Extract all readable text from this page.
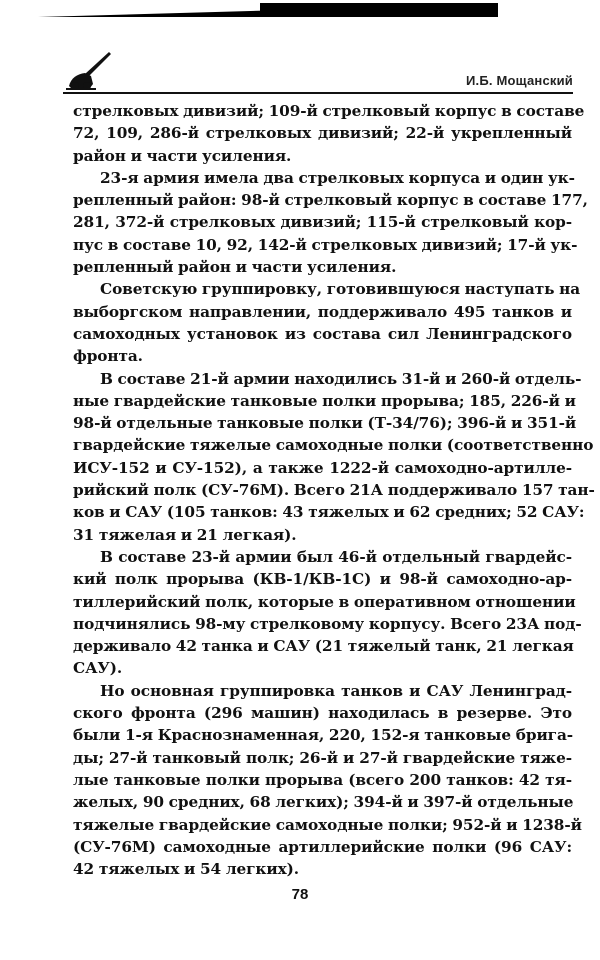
И.Б. Мощанский
стрелковых дивизий; 109-й стрелковый корпус в составе
72, 109, 286-й стрелковых дивизий; 22-й укрепленный
район и части усиления.
23-я армия имела два стрелковых корпуса и один ук-
репленный район: 98-й стрелковый корпус в составе 177,
281, 372-й стрелковых дивизий; 115-й стрелковый кор-
пус в составе 10, 92, 142-й стрелковых дивизий; 17-й ук-
репленный район и части усиления.
Советскую группировку, готовившуюся наступать на
выборгском направлении, поддерживало 495 танков и
самоходных установок из состава сил Ленинградского
фронта.
В составе 21-й армии находились 31-й и 260-й отдель-
ные гвардейские танковые полки прорыва; 185, 226-й и
98-й отдельные танковые полки (Т-34/76); 396-й и 351-й
гвардейские тяжелые самоходные полки (соответственно
ИСУ-152 и СУ-152), а также 1222-й самоходно-артилле-
рийский полк (СУ-76М). Всего 21А поддерживало 157 тан-
ков и САУ (105 танков: 43 тяжелых и 62 средних; 52 САУ:
31 тяжелая и 21 легкая).
В составе 23-й армии был 46-й отдельный гвардейс-
кий полк прорыва (КВ-1/КВ-1С) и 98-й самоходно-ар-
тиллерийский полк, которые в оперативном отношении
подчинялись 98-му стрелковому корпусу. Всего 23А под-
держивало 42 танка и САУ (21 тяжелый танк, 21 легкая
САУ).
Но основная группировка танков и САУ Ленинград-
ского фронта (296 машин) находилась в резерве. Это
были 1-я Краснознаменная, 220, 152-я танковые бригa-
ды; 27-й танковый полк; 26-й и 27-й гвардейские тяже-
лые танковые полки прорыва (всего 200 танков: 42 тя-
желых, 90 средних, 68 легких); 394-й и 397-й отдельные
тяжелые гвардейские самоходные полки; 952-й и 1238-й
(СУ-76М) самоходные артиллерийские полки (96 САУ:
42 тяжелых и 54 легких).
78
